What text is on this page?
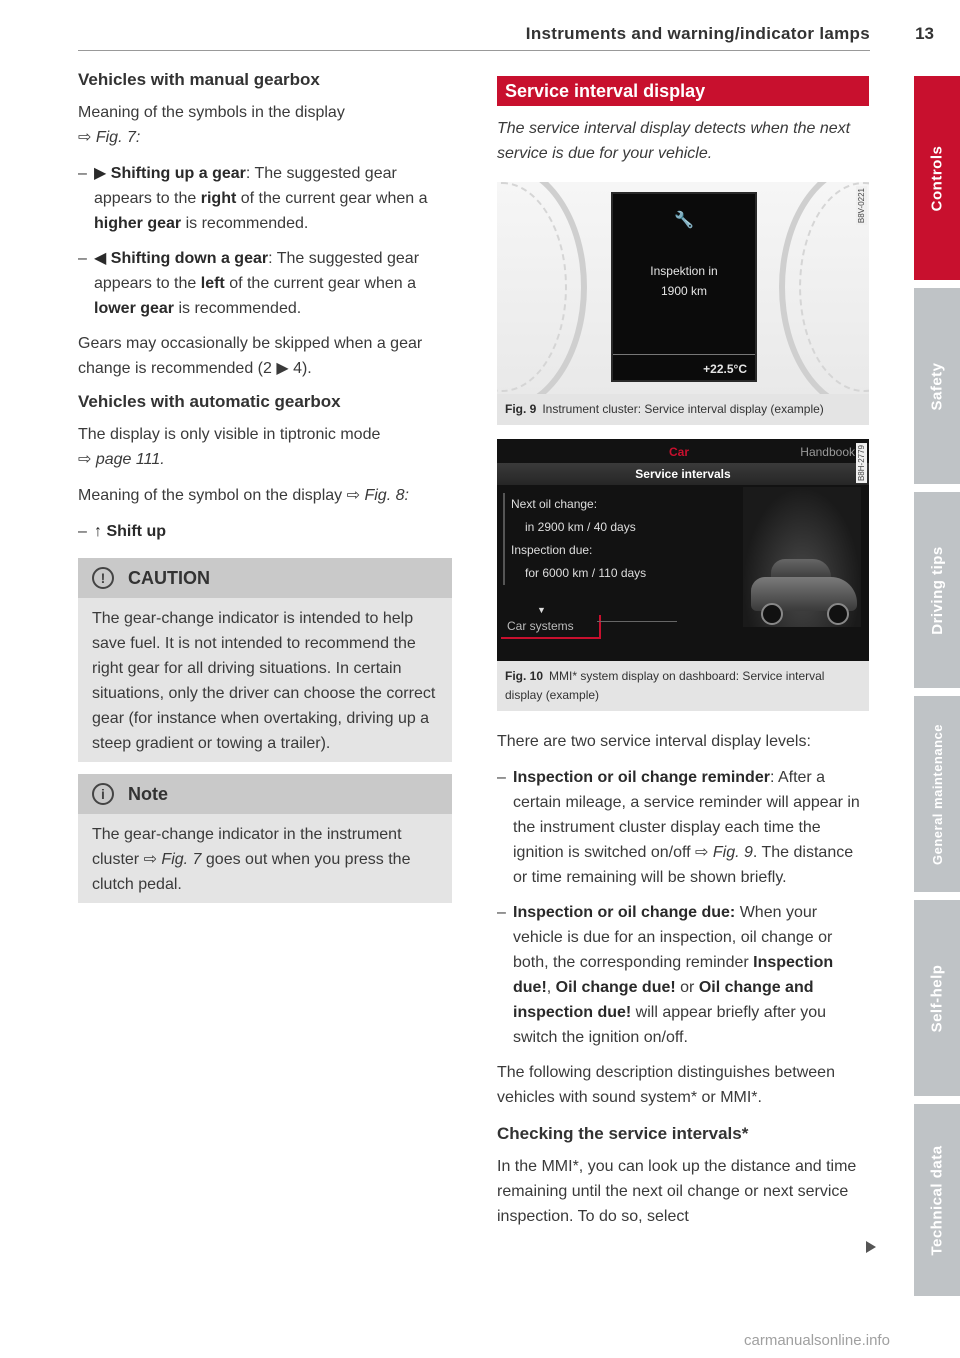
Instruments and warning/indicator lamps	13
Vehicles with manual gearbox

Meaning of the symbols in the display
⇨ Fig. 7:

– ▶ Shifting up a gear: The suggested gear appears to the right of the current gear when a higher gear is recommended.
– ◀ Shifting down a gear: The suggested gear appears to the left of the current gear when a lower gear is recommended.

Gears may occasionally be skipped when a gear change is recommended (2 ▶ 4).

Vehicles with automatic gearbox

The display is only visible in tiptronic mode
⇨ page 111.

Meaning of the symbol on the display ⇨ Fig. 8:

– ↑ Shift up
!	CAUTION
The gear-change indicator is intended to help save fuel. It is not intended to recommend the right gear for all driving situations. In certain situations, only the driver can choose the correct gear (for instance when overtaking, driving up a steep gradient or towing a trailer).
i	Note
The gear-change indicator in the instrument cluster ⇨ Fig. 7 goes out when you press the clutch pedal.
Service interval display

The service interval display detects when the next service is due for your vehicle.

🔧
Inspektion in
1900 km
+22.5°C
B8V-0221
Fig. 9 Instrument cluster: Service interval display (example)
Car	Handbook
Service intervals
Next oil change:
in 2900 km / 40 days
Inspection due:
for 6000 km / 110 days
▼
Car systems
B8H-2779
Fig. 10 MMI* system display on dashboard: Service interval display (example)

There are two service interval display levels:

– Inspection or oil change reminder: After a certain mileage, a service reminder will appear in the instrument cluster display each time the ignition is switched on/off ⇨ Fig. 9. The distance or time remaining will be shown briefly.
– Inspection or oil change due: When your vehicle is due for an inspection, oil change or both, the corresponding reminder Inspection due!, Oil change due! or Oil change and inspection due! will appear briefly after you switch the ignition on/off.

The following description distinguishes between vehicles with sound system* or MMI*.

Checking the service intervals*

In the MMI*, you can look up the distance and time remaining until the next oil change or next service inspection. To do so, select

Controls
Safety
Driving tips
General maintenance
Self-help
Technical data
carmanualsonline.info
